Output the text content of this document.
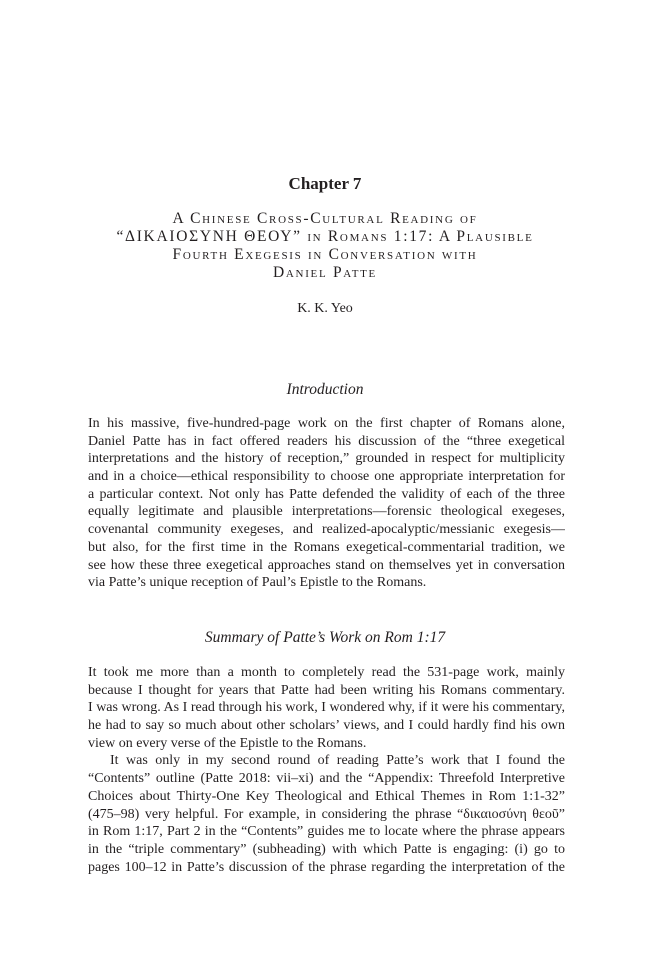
Chapter 7
A Chinese Cross-Cultural Reading of
“ΔΙΚΑΙΟΣΥΝΗ ΘΕΟΥ” in Romans 1:17: A Plausible
Fourth Exegesis in Conversation with
Daniel Patte
K. K. Yeo
Introduction
In his massive, five-hundred-page work on the first chapter of Romans alone,
Daniel Patte has in fact offered readers his discussion of the “three exegetical
interpretations and the history of reception,” grounded in respect for multiplicity
and in a choice—ethical responsibility to choose one appropriate interpretation for
a particular context. Not only has Patte defended the validity of each of the three
equally legitimate and plausible interpretations—forensic theological exegeses,
covenantal community exegeses, and realized-apocalyptic/messianic exegesis—
but also, for the first time in the Romans exegetical-commentarial tradition, we
see how these three exegetical approaches stand on themselves yet in conversation
via Patte’s unique reception of Paul’s Epistle to the Romans.
Summary of Patte’s Work on Rom 1:17
It took me more than a month to completely read the 531-page work, mainly
because I thought for years that Patte had been writing his Romans commentary.
I was wrong. As I read through his work, I wondered why, if it were his commentary,
he had to say so much about other scholars’ views, and I could hardly find his own
view on every verse of the Epistle to the Romans.
It was only in my second round of reading Patte’s work that I found the
“Contents” outline (Patte 2018: vii–xi) and the “Appendix: Threefold Interpretive
Choices about Thirty-One Key Theological and Ethical Themes in Rom 1:1-32”
(475–98) very helpful. For example, in considering the phrase “δικαιοσύνη θεοῦ”
in Rom 1:17, Part 2 in the “Contents” guides me to locate where the phrase appears
in the “triple commentary” (subheading) with which Patte is engaging: (i) go to
pages 100–12 in Patte’s discussion of the phrase regarding the interpretation of the
